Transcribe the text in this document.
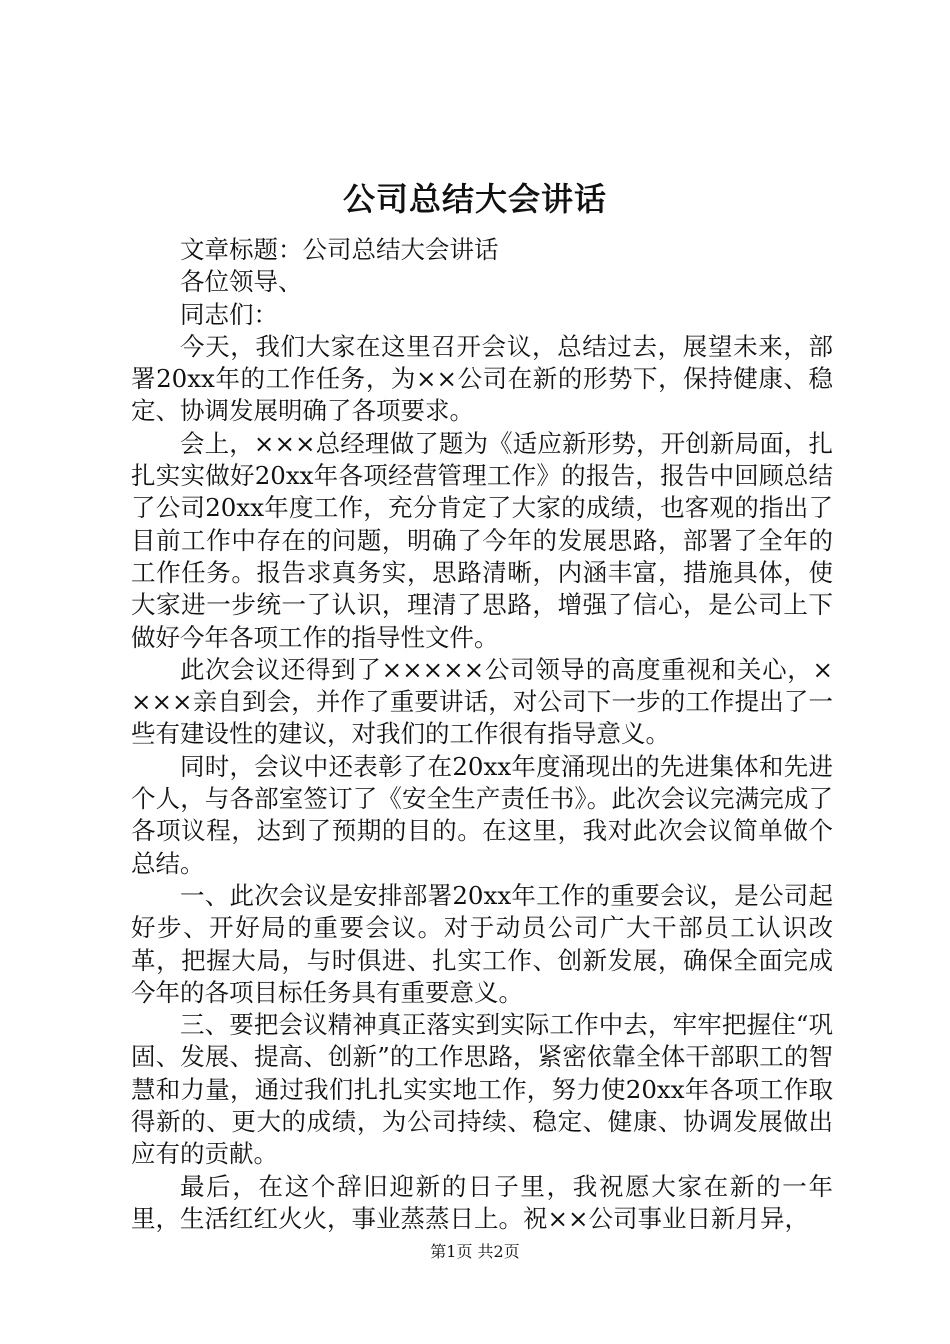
公司总结大会讲话

文章标题：公司总结大会讲话

各位领导、

同志们：

今天，我们大家在这里召开会议，总结过去，展望未来，部署20xx年的工作任务，为××公司在新的形势下，保持健康、稳定、协调发展明确了各项要求。

会上，×××总经理做了题为《适应新形势，开创新局面，扎扎实实做好20xx年各项经营管理工作》的报告，报告中回顾总结了公司20xx年度工作，充分肯定了大家的成绩，也客观的指出了目前工作中存在的问题，明确了今年的发展思路，部署了全年的工作任务。报告求真务实，思路清晰，内涵丰富，措施具体，使大家进一步统一了认识，理清了思路，增强了信心，是公司上下做好今年各项工作的指导性文件。

此次会议还得到了×××××公司领导的高度重视和关心，××××亲自到会，并作了重要讲话，对公司下一步的工作提出了一些有建设性的建议，对我们的工作很有指导意义。

同时，会议中还表彰了在20xx年度涌现出的先进集体和先进个人，与各部室签订了《安全生产责任书》。此次会议完满完成了各项议程，达到了预期的目的。在这里，我对此次会议简单做个总结。

一、此次会议是安排部署20xx年工作的重要会议，是公司起好步、开好局的重要会议。对于动员公司广大干部员工认识改革，把握大局，与时俱进、扎实工作、创新发展，确保全面完成今年的各项目标任务具有重要意义。

三、要把会议精神真正落实到实际工作中去，牢牢把握住“巩固、发展、提高、创新”的工作思路，紧密依靠全体干部职工的智慧和力量，通过我们扎扎实实地工作，努力使20xx年各项工作取得新的、更大的成绩，为公司持续、稳定、健康、协调发展做出应有的贡献。

最后，在这个辞旧迎新的日子里，我祝愿大家在新的一年里，生活红红火火，事业蒸蒸日上。祝××公司事业日新月异，

第1页 共2页
